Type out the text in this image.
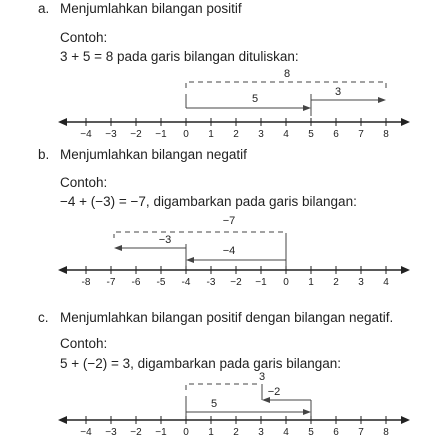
a. Menjumlahkan bilangan positif
Contoh:
3 + 5 = 8 pada garis bilangan dituliskan:
8
5
3
−4 −3 −2 −1 0 1 2 3 4 5 6 7 8
b. Menjumlahkan bilangan negatif
Contoh:
−4 + (−3) = −7, digambarkan pada garis bilangan:
−7
−4
−3
-8 -7 -6 -5 -4 -3 −2 −1 0 1 2 3 4
c. Menjumlahkan bilangan positif dengan bilangan negatif.
Contoh:
5 + (−2) = 3, digambarkan pada garis bilangan:
3
5
−2
−4 −3 −2 −1 0 1 2 3 4 5 6 7 8
